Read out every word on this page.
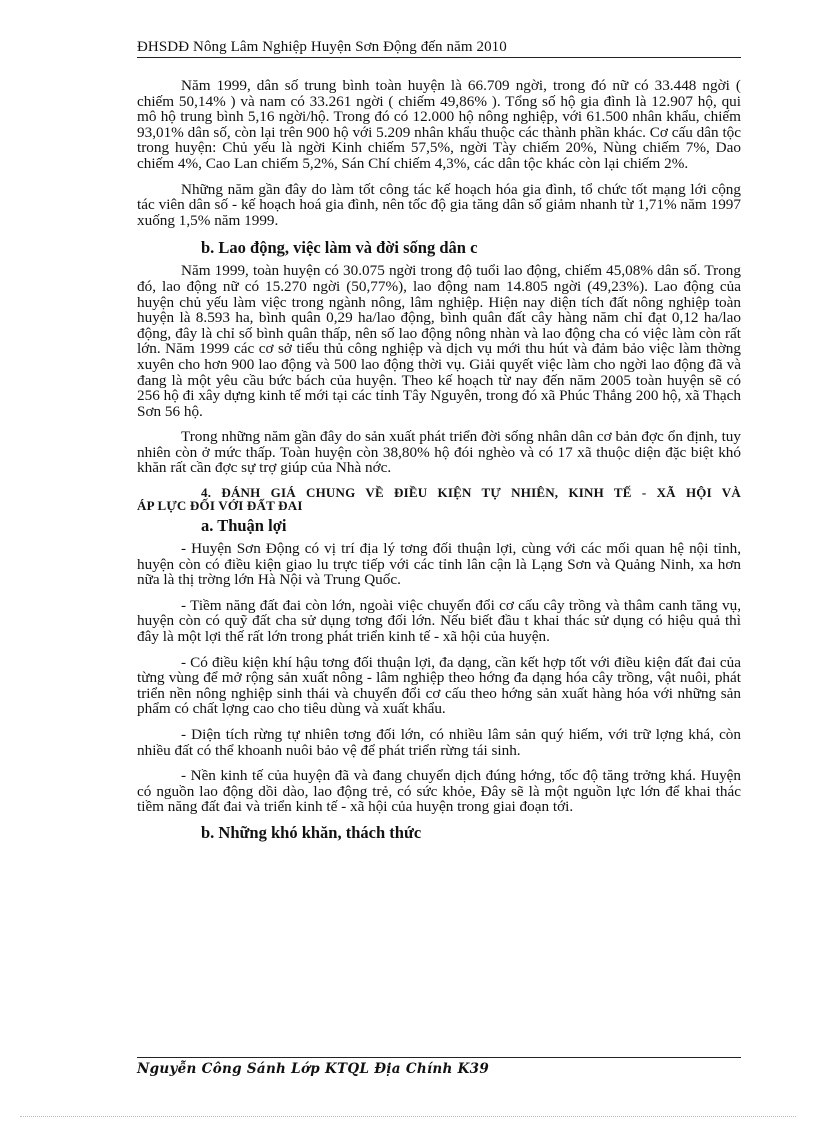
ĐHSDĐ Nông Lâm Nghiệp Huyện Sơn Động đến năm 2010

Năm 1999, dân số trung bình toàn huyện là 66.709 ngời, trong đó nữ có 33.448 ngời ( chiếm 50,14% ) và nam có 33.261 ngời ( chiếm 49,86% ). Tổng số hộ gia đình là 12.907 hộ, qui mô hộ trung bình 5,16 ngời/hộ. Trong đó có 12.000 hộ nông nghiệp, với 61.500 nhân khẩu, chiếm 93,01% dân số, còn lại trên 900 hộ với 5.209 nhân khẩu thuộc các thành phần khác. Cơ cấu dân tộc trong huyện: Chủ yếu là ngời Kinh chiếm 57,5%, ngời Tày chiếm 20%, Nùng chiếm 7%, Dao chiếm 4%, Cao Lan chiếm 5,2%, Sán Chí chiếm 4,3%, các dân tộc khác còn lại chiếm 2%.

Những năm gần đây do làm tốt công tác kế hoạch hóa gia đình, tổ chức tốt mạng lới cộng tác viên dân số - kế hoạch hoá gia đình, nên tốc độ gia tăng dân số giảm nhanh từ 1,71% năm 1997 xuống 1,5% năm 1999.

b. Lao động, việc làm và đời sống dân c

Năm 1999, toàn huyện có 30.075 ngời trong độ tuổi lao động, chiếm 45,08% dân số. Trong đó, lao động nữ có 15.270 ngời (50,77%), lao động nam 14.805 ngời (49,23%). Lao động của huyện chủ yếu làm việc trong ngành nông, lâm nghiệp. Hiện nay diện tích đất nông nghiệp toàn huyện là 8.593 ha, bình quân 0,29 ha/lao động, bình quân đất cây hàng năm chỉ đạt 0,12 ha/lao động, đây là chỉ số bình quân thấp, nên số lao động nông nhàn và lao động cha có việc làm còn rất lớn. Năm 1999 các cơ sở tiểu thủ công nghiệp và dịch vụ mới thu hút và đảm bảo việc làm thờng xuyên cho hơn 900 lao động và 500 lao động thời vụ. Giải quyết việc làm cho ngời lao động đã và đang là một yêu cầu bức bách của huyện. Theo kế hoạch từ nay đến năm 2005 toàn huyện sẽ có 256 hộ đi xây dựng kinh tế mới tại các tỉnh Tây Nguyên, trong đó xã Phúc Thắng 200 hộ, xã Thạch Sơn 56 hộ.

Trong những năm gần đây do sản xuất phát triển đời sống nhân dân cơ bản đợc ổn định, tuy nhiên còn ở mức thấp. Toàn huyện còn 38,80% hộ đói nghèo và có 17 xã thuộc diện đặc biệt khó khăn rất cần đợc sự trợ giúp của Nhà nớc.

4. ĐÁNH GIÁ CHUNG VỀ ĐIỀU KIỆN TỰ NHIÊN, KINH TẾ - XÃ HỘI VÀ
ÁP LỰC ĐỐI VỚI ĐẤT ĐAI
a. Thuận lợi

- Huyện Sơn Động có vị trí địa lý tơng đối thuận lợi, cùng với các mối quan hệ nội tỉnh, huyện còn có điều kiện giao lu trực tiếp với các tỉnh lân cận là Lạng Sơn và Quảng Ninh, xa hơn nữa là thị trờng lớn Hà Nội và Trung Quốc.

- Tiềm năng đất đai còn lớn, ngoài việc chuyển đổi cơ cấu cây trồng và thâm canh tăng vụ, huyện còn có quỹ đất cha sử dụng tơng đối lớn. Nếu biết đầu t khai thác sử dụng có hiệu quả thì đây là một lợi thế rất lớn trong phát triển kinh tế - xã hội của huyện.

- Có điều kiện khí hậu tơng đối thuận lợi, đa dạng, cần kết hợp tốt với điều kiện đất đai của từng vùng để mở rộng sản xuất nông - lâm nghiệp theo hớng đa dạng hóa cây trồng, vật nuôi, phát triển nền nông nghiệp sinh thái và chuyển đổi cơ cấu theo hớng sản xuất hàng hóa với những sản phẩm có chất lợng cao cho tiêu dùng và xuất khẩu.

- Diện tích rừng tự nhiên tơng đối lớn, có nhiều lâm sản quý hiếm, với trữ lợng khá, còn nhiều đất có thể khoanh nuôi bảo vệ để phát triển rừng tái sinh.

- Nền kinh tế của huyện đã và đang chuyển dịch đúng hớng, tốc độ tăng trởng khá. Huyện có nguồn lao động dồi dào, lao động trẻ, có sức khỏe, Đây sẽ là một nguồn lực lớn để khai thác tiềm năng đất đai và triển kinh tế - xã hội của huyện trong giai đoạn tới.

b. Những khó khăn, thách thức
Nguyễn Công Sánh Lớp KTQL Địa Chính K39
